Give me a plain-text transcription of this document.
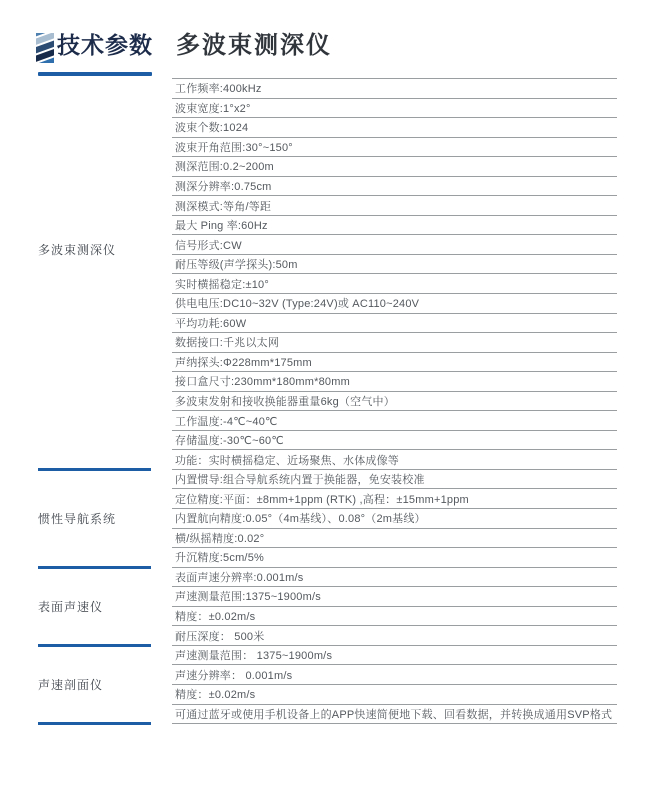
技术参数 多波束测深仪
多波束测深仪
工作频率:400kHz
波束宽度:1°x2°
波束个数:1024
波束开角范围:30°~150°
测深范围:0.2~200m
测深分辨率:0.75cm
测深模式:等角/等距
最大 Ping 率:60Hz
信号形式:CW
耐压等级(声学探头):50m
实时横摇稳定:±10°
供电电压:DC10~32V (Type:24V)或 AC110~240V
平均功耗:60W
数据接口:千兆以太网
声纳探头:Φ228mm*175mm
接口盒尺寸:230mm*180mm*80mm
多波束发射和接收换能器重量6kg（空气中）
工作温度:-4℃~40℃
存储温度:-30℃~60℃
功能：实时横摇稳定、近场聚焦、水体成像等
惯性导航系统
内置惯导:组合导航系统内置于换能器，免安装校准
定位精度:平面：±8mm+1ppm (RTK) ,高程：±15mm+1ppm
内置航向精度:0.05°（4m基线）、0.08°（2m基线）
横/纵摇精度:0.02°
升沉精度:5cm/5%
表面声速仪
表面声速分辨率:0.001m/s
声速测量范围:1375~1900m/s
精度：±0.02m/s
耐压深度： 500米
声速剖面仪
声速测量范围： 1375~1900m/s
声速分辨率： 0.001m/s
精度：±0.02m/s
可通过蓝牙或使用手机设备上的APP快速简便地下载、回看数据，并转换成通用SVP格式
